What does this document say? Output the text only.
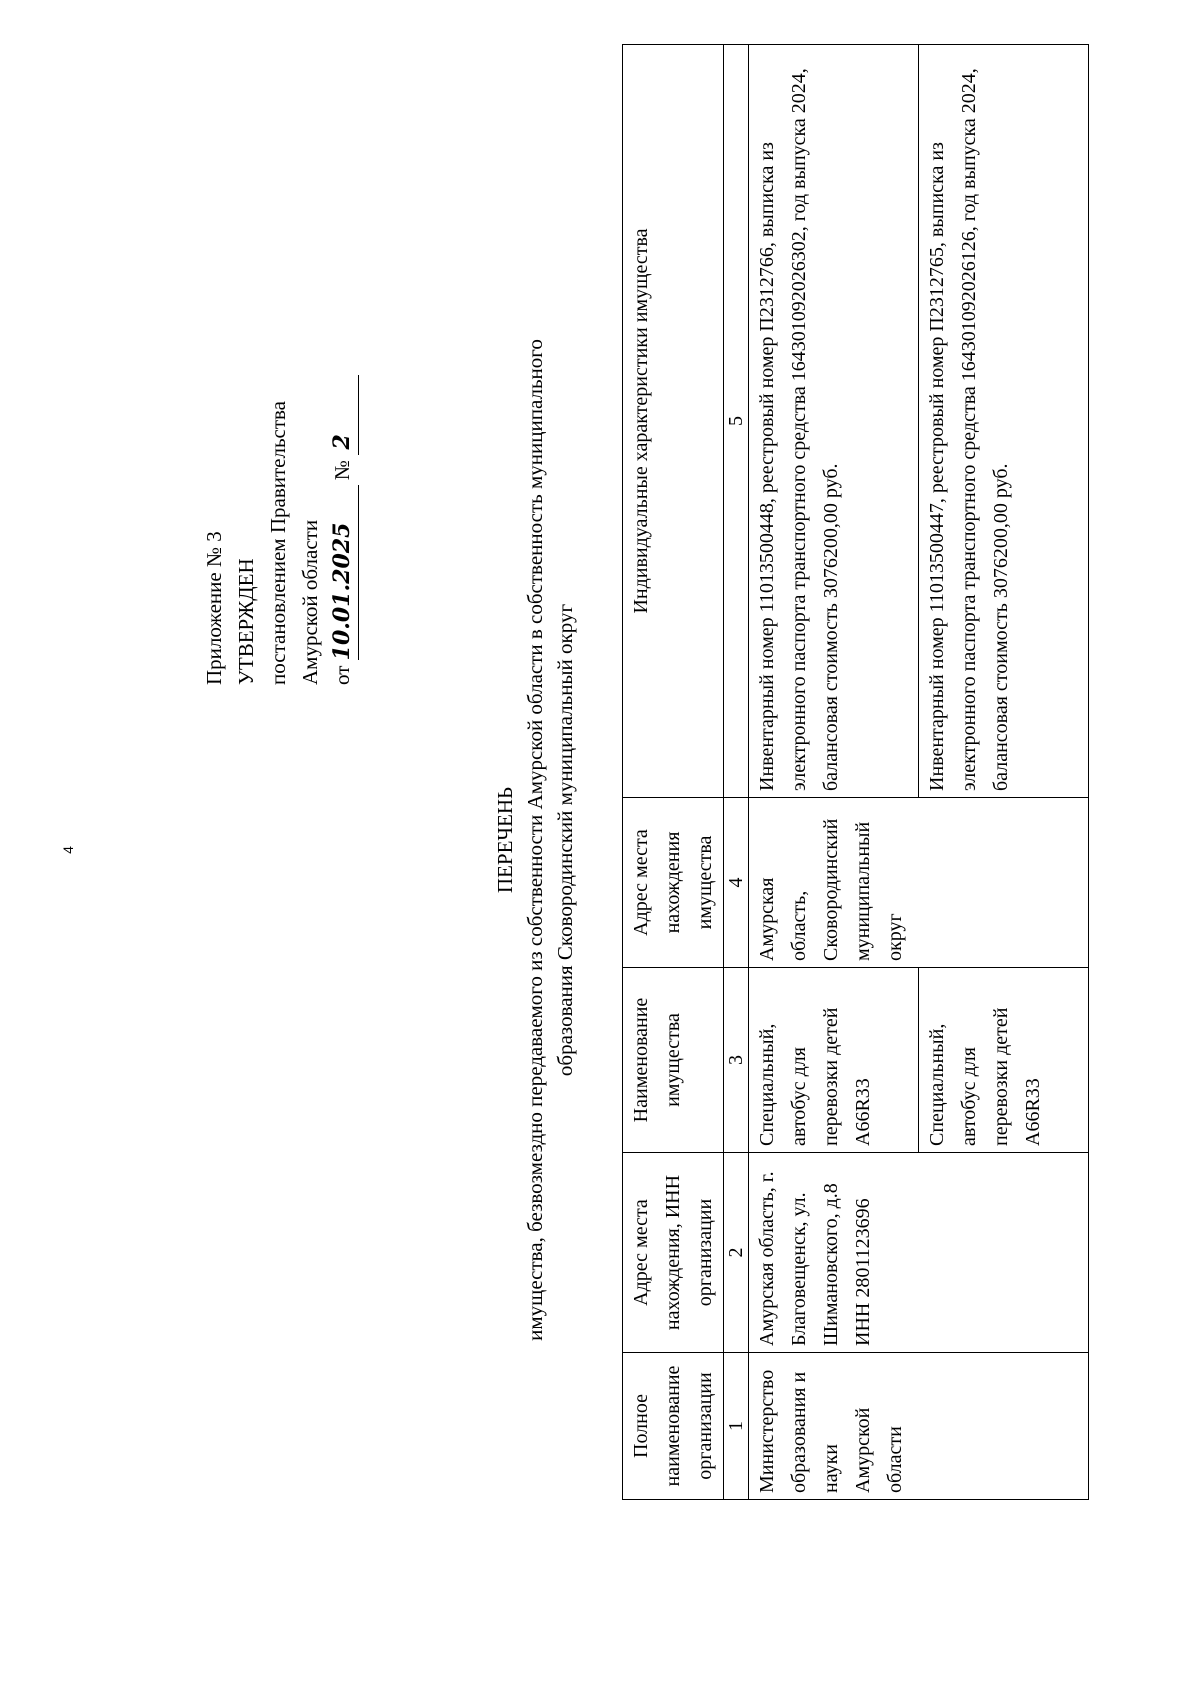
4
Приложение № 3 УТВЕРЖДЕН постановлением Правительства Амурской области от 10.01.2025 №  2
ПЕРЕЧЕНЬ имущества, безвозмездно передаваемого из собственности Амурской области в собственность муниципального образования Сковородинский муниципальный округ
Полное наименование организации	Адрес места нахождения, ИНН организации	Наименование имущества	Адрес места нахождения имущества	Индивидуальные характеристики имущества
1	2	3	4	5
Министерство образования и науки Амурской области	Амурская область, г. Благовещенск, ул. Шимановского, д.8 ИНН 2801123696	Специальный, автобус для перевозки детей А66R33	Амурская область, Сковородинский муниципальный округ	Инвентарный номер 11013500448, реестровый номер П2312766, выписка из электронного паспорта транспортного средства 164301092026302, год выпуска 2024, балансовая стоимость 3076200,00 руб.
		Специальный, автобус для перевозки детей А66R33		Инвентарный номер 11013500447, реестровый номер П2312765, выписка из электронного паспорта транспортного средства 164301092026126, год выпуска 2024, балансовая стоимость 3076200,00 руб.
